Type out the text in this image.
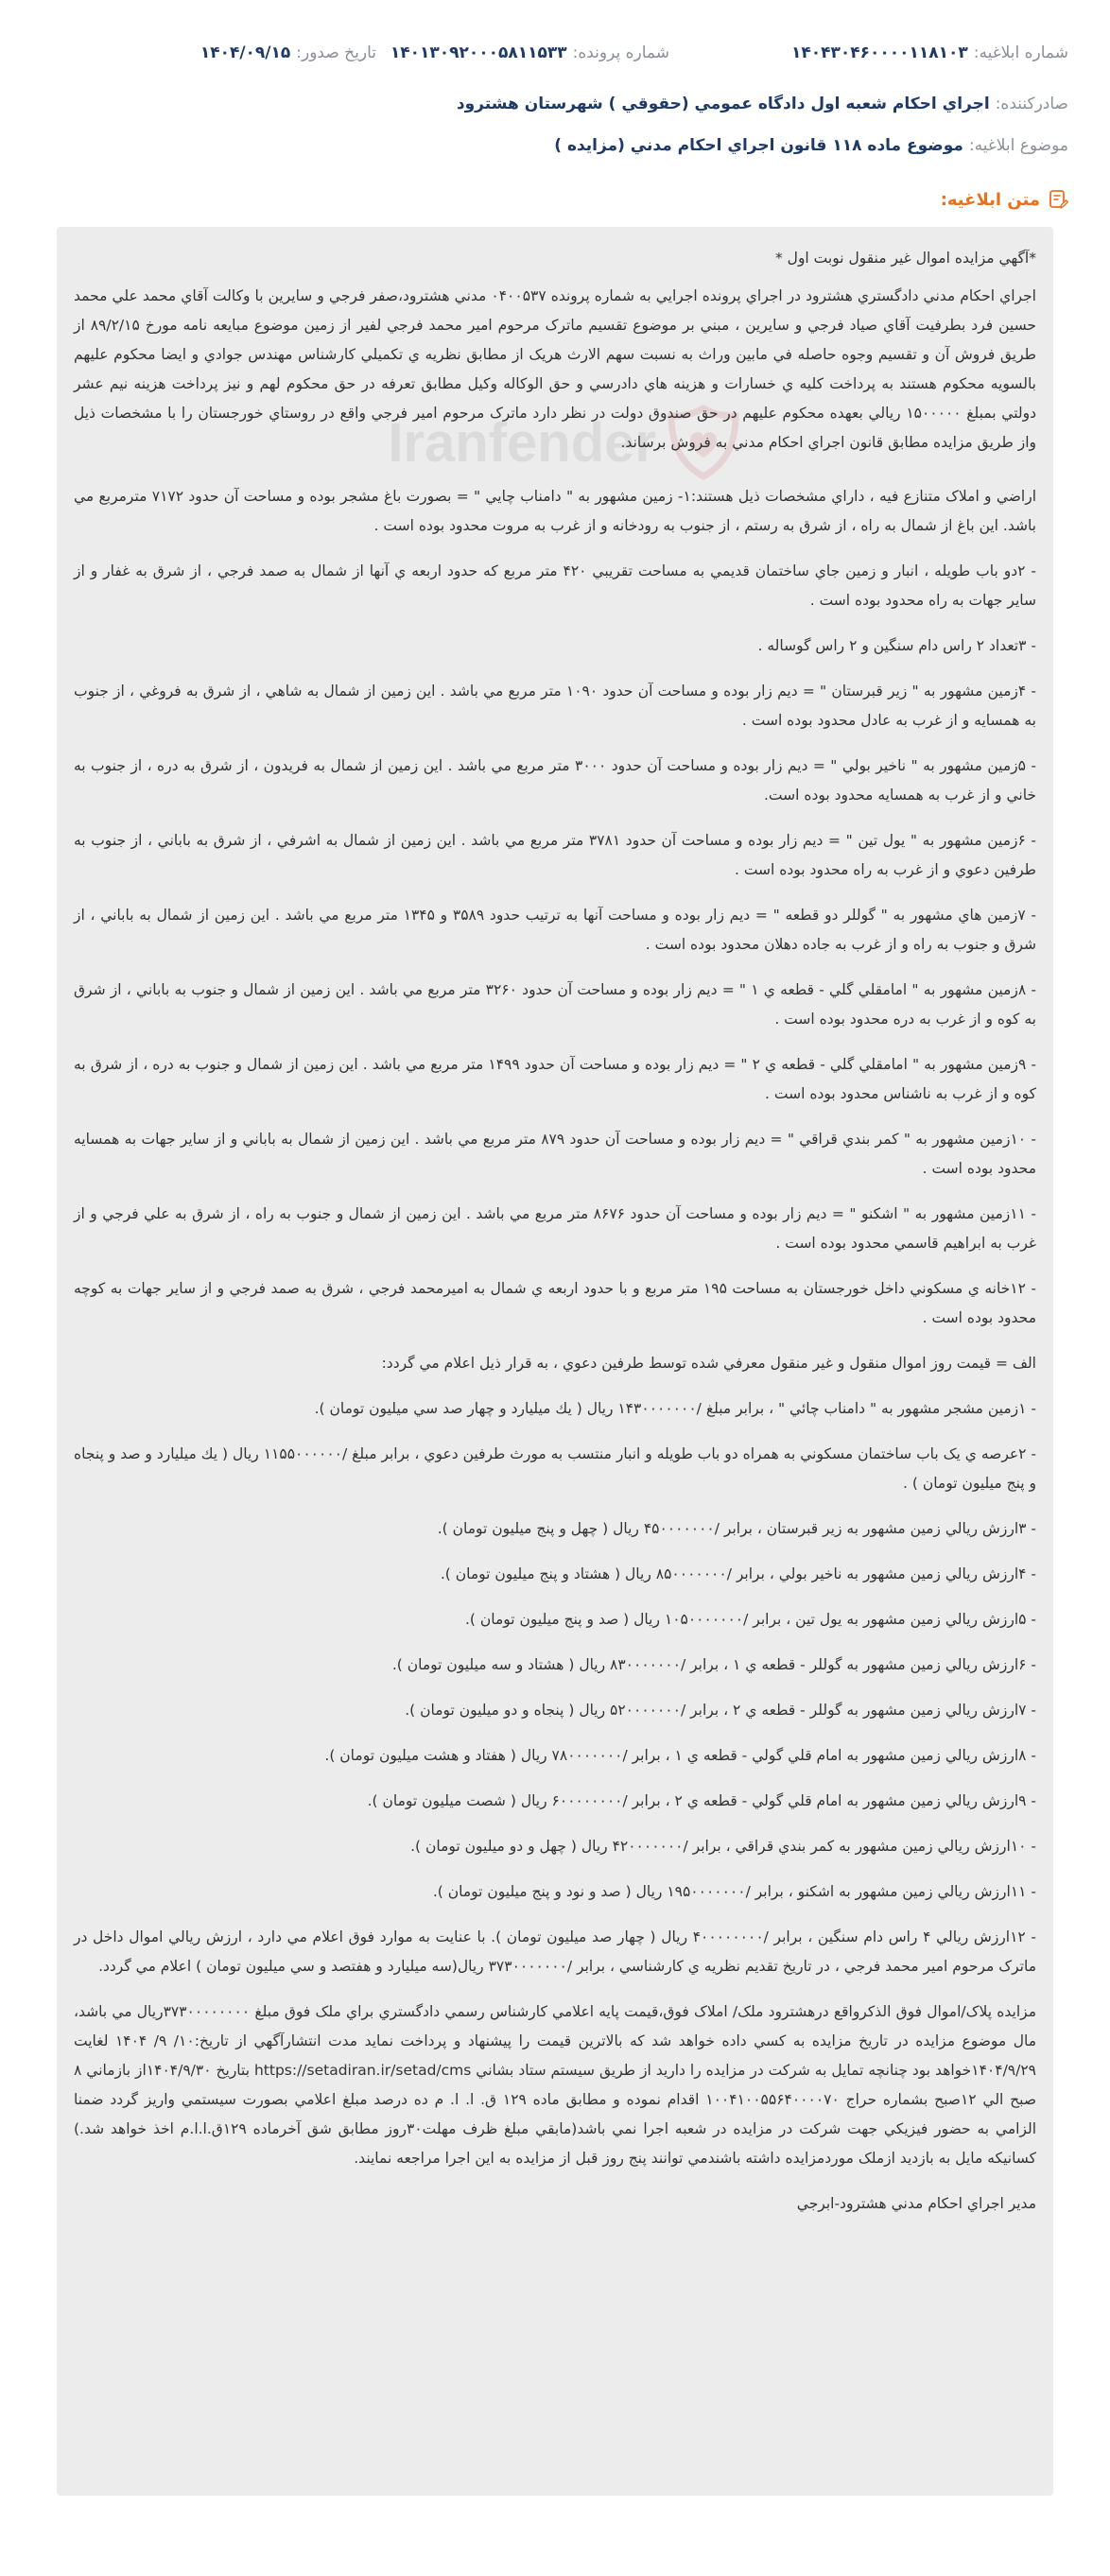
شماره ابلاغيه:
۱۴۰۴۳۰۴۶۰۰۰۰۱۱۸۱۰۳
شماره پرونده:
۱۴۰۱۳۰۹۲۰۰۰۵۸۱۱۵۳۳
تاريخ صدور:
۱۴۰۴/۰۹/۱۵
صادرکننده:
اجراي احكام شعبه اول دادگاه عمومي (حقوقي ) شهرستان هشترود
موضوع ابلاغيه:
موضوع ماده ۱۱۸ قانون اجراي احکام مدني (مزايده )
متن ابلاغيه:

*آگهي مزايده اموال غير منقول نوبت اول *

اجراي احکام مدني دادگستري هشترود در اجراي پرونده اجرايي به شماره پرونده ۰۴۰۰۵۳۷ مدني هشترود،صفر فرجي و سايرين با وکالت آقاي محمد علي محمد حسين فرد بطرفيت آقاي صياد فرجي و سايرين ، مبني بر موضوع تقسيم ماترک مرحوم امير محمد فرجي لفير از زمين موضوع مبايعه نامه مورخ ۸۹/۲/۱۵ از طريق فروش آن و تقسيم وجوه حاصله في مابين وراث به نسبت سهم الارث هريک از مطابق نظريه ي تکميلي کارشناس مهندس جوادي و ايضا محکوم عليهم بالسويه محکوم هستند به پرداخت کليه ي خسارات و هزينه هاي دادرسي و حق الوکاله وکيل مطابق تعرفه در حق محکوم لهم و نيز پرداخت هزينه نيم عشر دولتي بمبلغ ۱۵۰۰۰۰۰ ريالي بعهده محکوم عليهم در حق صندوق دولت در نظر دارد ماترک مرحوم امير فرجي واقع در روستاي خورجستان را با مشخصات ذيل واز طريق مزايده مطابق قانون اجراي احکام مدني به فروش برساند.

اراضي و املاک متنازع فيه ، داراي مشخصات ذيل هستند:۱- زمين مشهور به " دامناب چايي " = بصورت باغ مشجر بوده و مساحت آن حدود ۷۱۷۲ مترمربع مي باشد. اين باغ از شمال به راه ، از شرق به رستم ، از جنوب به رودخانه و از غرب به مروت محدود بوده است .

- ۲دو باب طويله ، انبار و زمين جاي ساختمان قديمي به مساحت تقريبي ۴۲۰ متر مربع که حدود اربعه ي آنها از شمال به صمد فرجي ، از شرق به غفار و از ساير جهات به راه محدود بوده است .

- ۳تعداد ۲ راس دام سنگين و ۲ راس گوساله .

- ۴زمين مشهور به " زير قبرستان " = ديم زار بوده و مساحت آن حدود ۱۰۹۰ متر مربع مي باشد . اين زمين از شمال به شاهي ، از شرق به فروغي ، از جنوب به همسايه و از غرب به عادل محدود بوده است .

- ۵زمين مشهور به " ناخير بولي " = ديم زار بوده و مساحت آن حدود ۳۰۰۰ متر مربع مي باشد . اين زمين از شمال به فريدون ، از شرق به دره ، از جنوب به خاني و از غرب به همسايه محدود بوده است.

- ۶زمين مشهور به " يول تين " = ديم زار بوده و مساحت آن حدود ۳۷۸۱ متر مربع مي باشد . اين زمين از شمال به اشرفي ، از شرق به باباني ، از جنوب به طرفين دعوي و از غرب به راه محدود بوده است .

- ۷زمين هاي مشهور به " گوللر دو قطعه " = ديم زار بوده و مساحت آنها به ترتيب حدود ۳۵۸۹ و ۱۳۴۵ متر مربع مي باشد . اين زمين از شمال به باباني ، از شرق و جنوب به راه و از غرب به جاده دهلان محدود بوده است .

- ۸زمين مشهور به " امامقلي گلي - قطعه ي ۱ " = ديم زار بوده و مساحت آن حدود ۳۲۶۰ متر مربع مي باشد . اين زمين از شمال و جنوب به باباني ، از شرق به کوه و از غرب به دره محدود بوده است .

- ۹زمين مشهور به " امامقلي گلي - قطعه ي ۲ " = ديم زار بوده و مساحت آن حدود ۱۴۹۹ متر مربع مي باشد . اين زمين از شمال و جنوب به دره ، از شرق به کوه و از غرب به ناشناس محدود بوده است .

- ۱۰زمين مشهور به " کمر بندي قراقي " = ديم زار بوده و مساحت آن حدود ۸۷۹ متر مربع مي باشد . اين زمين از شمال به باباني و از ساير جهات به همسايه محدود بوده است .

- ۱۱زمين مشهور به " اشکنو " = ديم زار بوده و مساحت آن حدود ۸۶۷۶ متر مربع مي باشد . اين زمين از شمال و جنوب به راه ، از شرق به علي فرجي و از غرب به ابراهيم قاسمي محدود بوده است .

- ۱۲خانه ي مسکوني داخل خورجستان به مساحت ۱۹۵ متر مربع و با حدود اربعه ي شمال به اميرمحمد فرجي ، شرق به صمد فرجي و از ساير جهات به کوچه محدود بوده است .

الف = قيمت روز اموال منقول و غير منقول معرفي شده توسط طرفين دعوي ، به قرار ذيل اعلام مي گردد:

- ۱زمين مشجر مشهور به " دامناب چائي " ، برابر مبلغ /۱۴۳۰۰۰۰۰۰۰ ريال ( يك ميليارد و چهار صد سي ميليون تومان ).

- ۲عرصه ي يک باب ساختمان مسکوني به همراه دو باب طويله و انبار منتسب به مورث طرفين دعوي ، برابر مبلغ /۱۱۵۵۰۰۰۰۰۰ ريال ( يك ميليارد و صد و پنجاه و پنج ميليون تومان ) .

- ۳ارزش ريالي زمين مشهور به زير قبرستان ، برابر /۴۵۰۰۰۰۰۰۰ ريال ( چهل و پنج ميليون تومان ).

- ۴ارزش ريالي زمين مشهور به ناخير بولي ، برابر /۸۵۰۰۰۰۰۰۰ ريال ( هشتاد و پنج ميليون تومان ).

- ۵ارزش ريالي زمين مشهور به يول تين ، برابر /۱۰۵۰۰۰۰۰۰۰ ريال ( صد و پنج ميليون تومان ).

- ۶ارزش ريالي زمين مشهور به گوللر - قطعه ي ۱ ، برابر /۸۳۰۰۰۰۰۰۰ ريال ( هشتاد و سه ميليون تومان ).

- ۷ارزش ريالي زمين مشهور به گوللر - قطعه ي ۲ ، برابر /۵۲۰۰۰۰۰۰۰ ريال ( پنجاه و دو ميليون تومان ).

- ۸ارزش ريالي زمين مشهور به امام قلي گولي - قطعه ي ۱ ، برابر /۷۸۰۰۰۰۰۰۰ ريال ( هفتاد و هشت ميليون تومان ).

- ۹ارزش ريالي زمين مشهور به امام قلي گولي - قطعه ي ۲ ، برابر /۶۰۰۰۰۰۰۰۰ ريال ( شصت ميليون تومان ).

- ۱۰ارزش ريالي زمين مشهور به کمر بندي قراقي ، برابر /۴۲۰۰۰۰۰۰۰ ريال ( چهل و دو ميليون تومان ).

- ۱۱ارزش ريالي زمين مشهور به اشکنو ، برابر /۱۹۵۰۰۰۰۰۰۰ ريال ( صد و نود و پنج ميليون تومان ).

- ۱۲ارزش ريالي ۴ راس دام سنگين ، برابر /۴۰۰۰۰۰۰۰۰ ريال ( چهار صد ميليون تومان ). با عنايت به موارد فوق اعلام مي دارد ، ارزش ريالي اموال داخل در ماترک مرحوم امير محمد فرجي ، در تاريخ تقديم نظريه ي کارشناسي ، برابر /۳۷۳۰۰۰۰۰۰۰ ريال(سه ميليارد و هفتصد و سي ميليون تومان ) اعلام مي گردد.

مزايده پلاک/اموال فوق الذکرواقع درهشترود ملک/ املاک فوق،قيمت پايه اعلامي کارشناس رسمي دادگستري براي ملک فوق مبلغ ۳۷۳۰۰۰۰۰۰۰۰ريال مي باشد، مال موضوع مزايده در تاريخ مزايده به کسي داده خواهد شد که بالاترين قيمت را پيشنهاد و پرداخت نمايد مدت انتشارآگهي از تاريخ:۱۰/ ۹/ ۱۴۰۴ لغايت ۱۴۰۴/۹/۲۹خواهد بود چنانچه تمايل به شرکت در مزايده را داريد از طريق سيستم ستاد بشاني https://setadiran.ir/setad/cms بتاريخ ۱۴۰۴/۹/۳۰از بازماني ۸ صبح الي ۱۲صبح بشماره حراج ۱۰۰۴۱۰۰۵۵۶۴۰۰۰۰۷۰ اقدام نموده و مطابق ماده ۱۲۹ ق. ا. ا. م ده درصد مبلغ اعلامي بصورت سيستمي واريز گردد ضمنا الزامي به حضور فيزيکي جهت شرکت در مزايده در شعبه اجرا نمي باشد(مابقي مبلغ ظرف مهلت۳۰روز مطابق شق آخرماده ۱۲۹ق.ا.ا.م اخذ خواهد شد.) کسانيکه مايل به بازديد ازملک موردمزايده داشته باشندمي توانند پنج روز قبل از مزايده به اين اجرا مراجعه نمايند.

مدير اجراي احكام مدني هشترود-ابرجي
